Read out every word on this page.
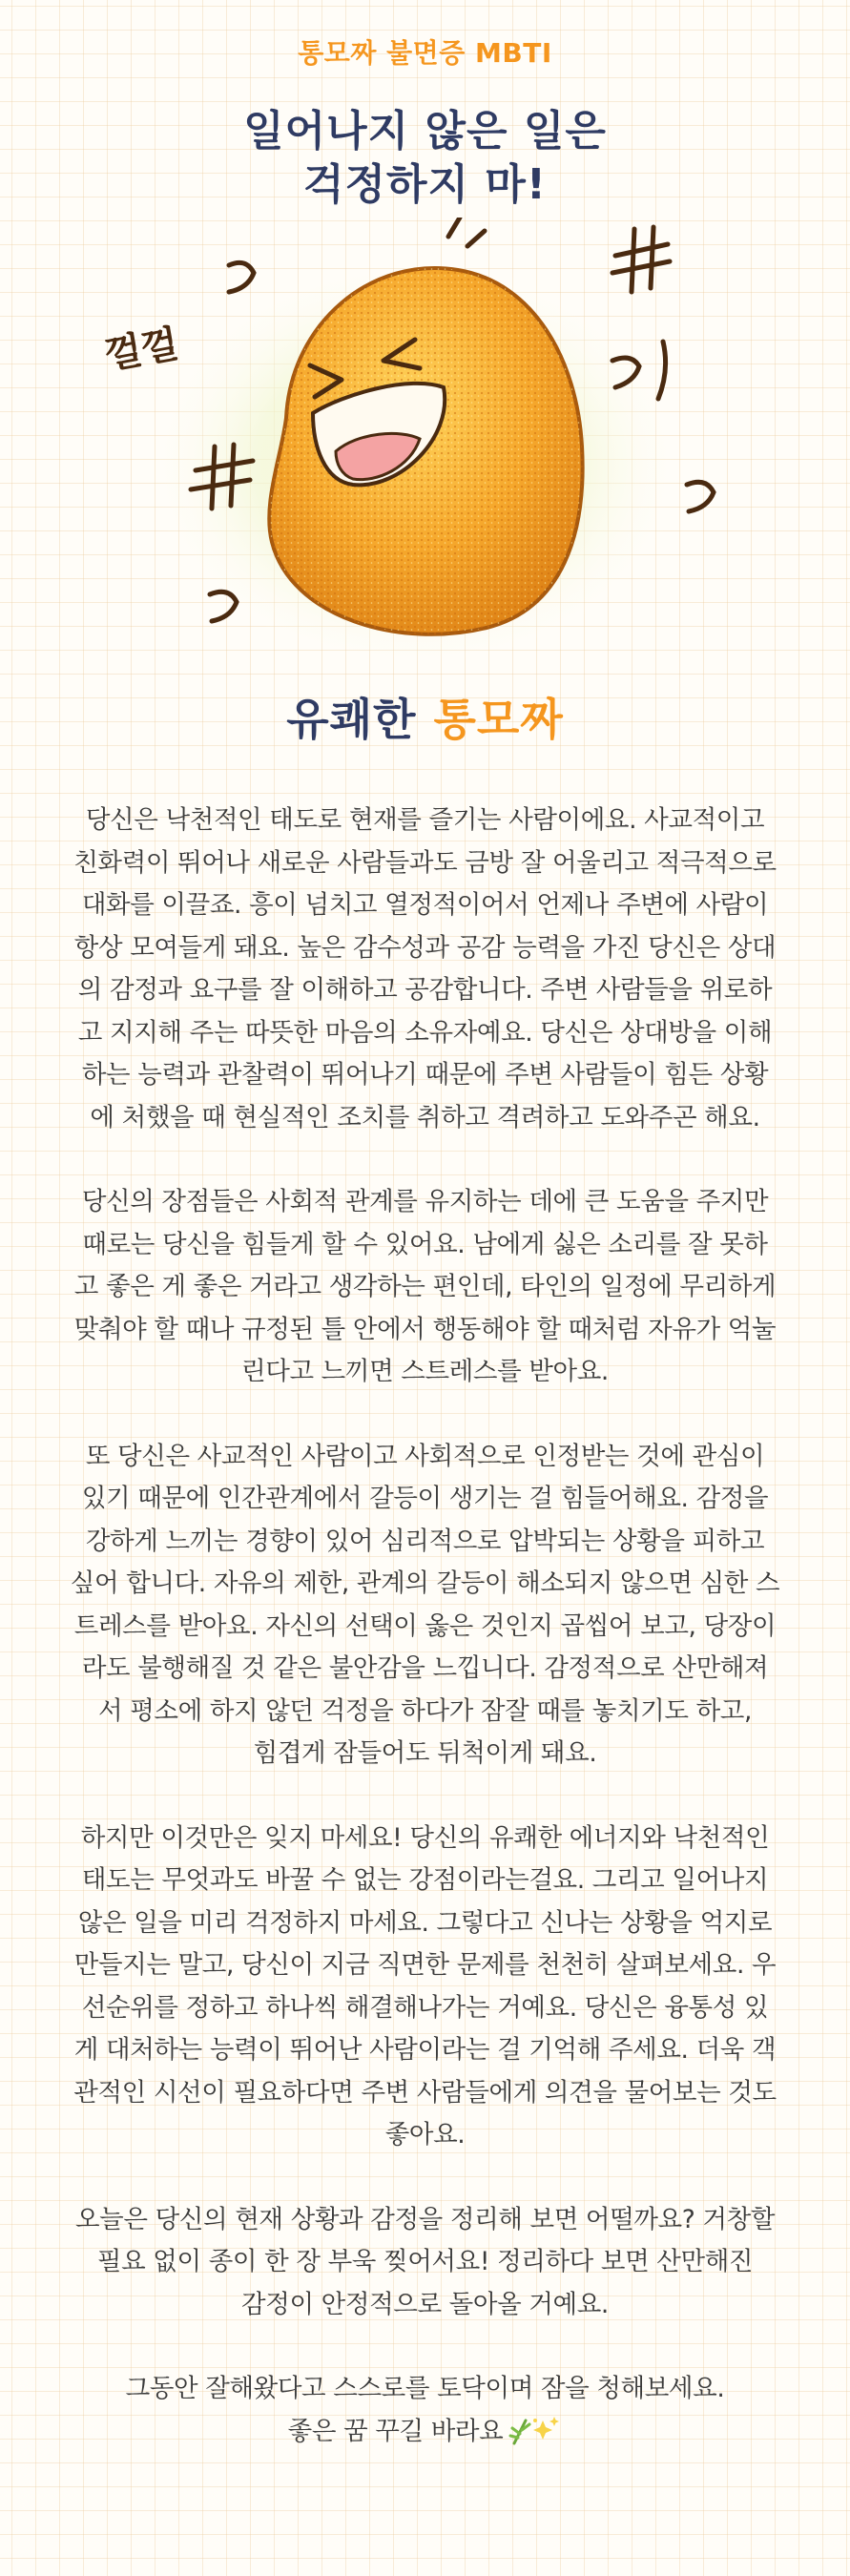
통모짜 불면증 MBTI
일어나지 않은 일은
걱정하지 마!
껄껄
유쾌한 통모짜

당신은 낙천적인 태도로 현재를 즐기는 사람이에요. 사교적이고
친화력이 뛰어나 새로운 사람들과도 금방 잘 어울리고 적극적으로
대화를 이끌죠. 흥이 넘치고 열정적이어서 언제나 주변에 사람이
항상 모여들게 돼요. 높은 감수성과 공감 능력을 가진 당신은 상대
의 감정과 요구를 잘 이해하고 공감합니다. 주변 사람들을 위로하
고 지지해 주는 따뜻한 마음의 소유자예요. 당신은 상대방을 이해
하는 능력과 관찰력이 뛰어나기 때문에 주변 사람들이 힘든 상황
에 처했을 때 현실적인 조치를 취하고 격려하고 도와주곤 해요.

당신의 장점들은 사회적 관계를 유지하는 데에 큰 도움을 주지만
때로는 당신을 힘들게 할 수 있어요. 남에게 싫은 소리를 잘 못하
고 좋은 게 좋은 거라고 생각하는 편인데, 타인의 일정에 무리하게
맞춰야 할 때나 규정된 틀 안에서 행동해야 할 때처럼 자유가 억눌
린다고 느끼면 스트레스를 받아요.

또 당신은 사교적인 사람이고 사회적으로 인정받는 것에 관심이
있기 때문에 인간관계에서 갈등이 생기는 걸 힘들어해요. 감정을
강하게 느끼는 경향이 있어 심리적으로 압박되는 상황을 피하고
싶어 합니다. 자유의 제한, 관계의 갈등이 해소되지 않으면 심한 스
트레스를 받아요. 자신의 선택이 옳은 것인지 곱씹어 보고, 당장이
라도 불행해질 것 같은 불안감을 느낍니다. 감정적으로 산만해져
서 평소에 하지 않던 걱정을 하다가 잠잘 때를 놓치기도 하고,
힘겹게 잠들어도 뒤척이게 돼요.

하지만 이것만은 잊지 마세요! 당신의 유쾌한 에너지와 낙천적인
태도는 무엇과도 바꿀 수 없는 강점이라는걸요. 그리고 일어나지
않은 일을 미리 걱정하지 마세요. 그렇다고 신나는 상황을 억지로
만들지는 말고, 당신이 지금 직면한 문제를 천천히 살펴보세요. 우
선순위를 정하고 하나씩 해결해나가는 거예요. 당신은 융통성 있
게 대처하는 능력이 뛰어난 사람이라는 걸 기억해 주세요. 더욱 객
관적인 시선이 필요하다면 주변 사람들에게 의견을 물어보는 것도
좋아요.

오늘은 당신의 현재 상황과 감정을 정리해 보면 어떨까요? 거창할
필요 없이 종이 한 장 부욱 찢어서요! 정리하다 보면 산만해진
감정이 안정적으로 돌아올 거예요.

그동안 잘해왔다고 스스로를 토닥이며 잠을 청해보세요.
좋은 꿈 꾸길 바라요
